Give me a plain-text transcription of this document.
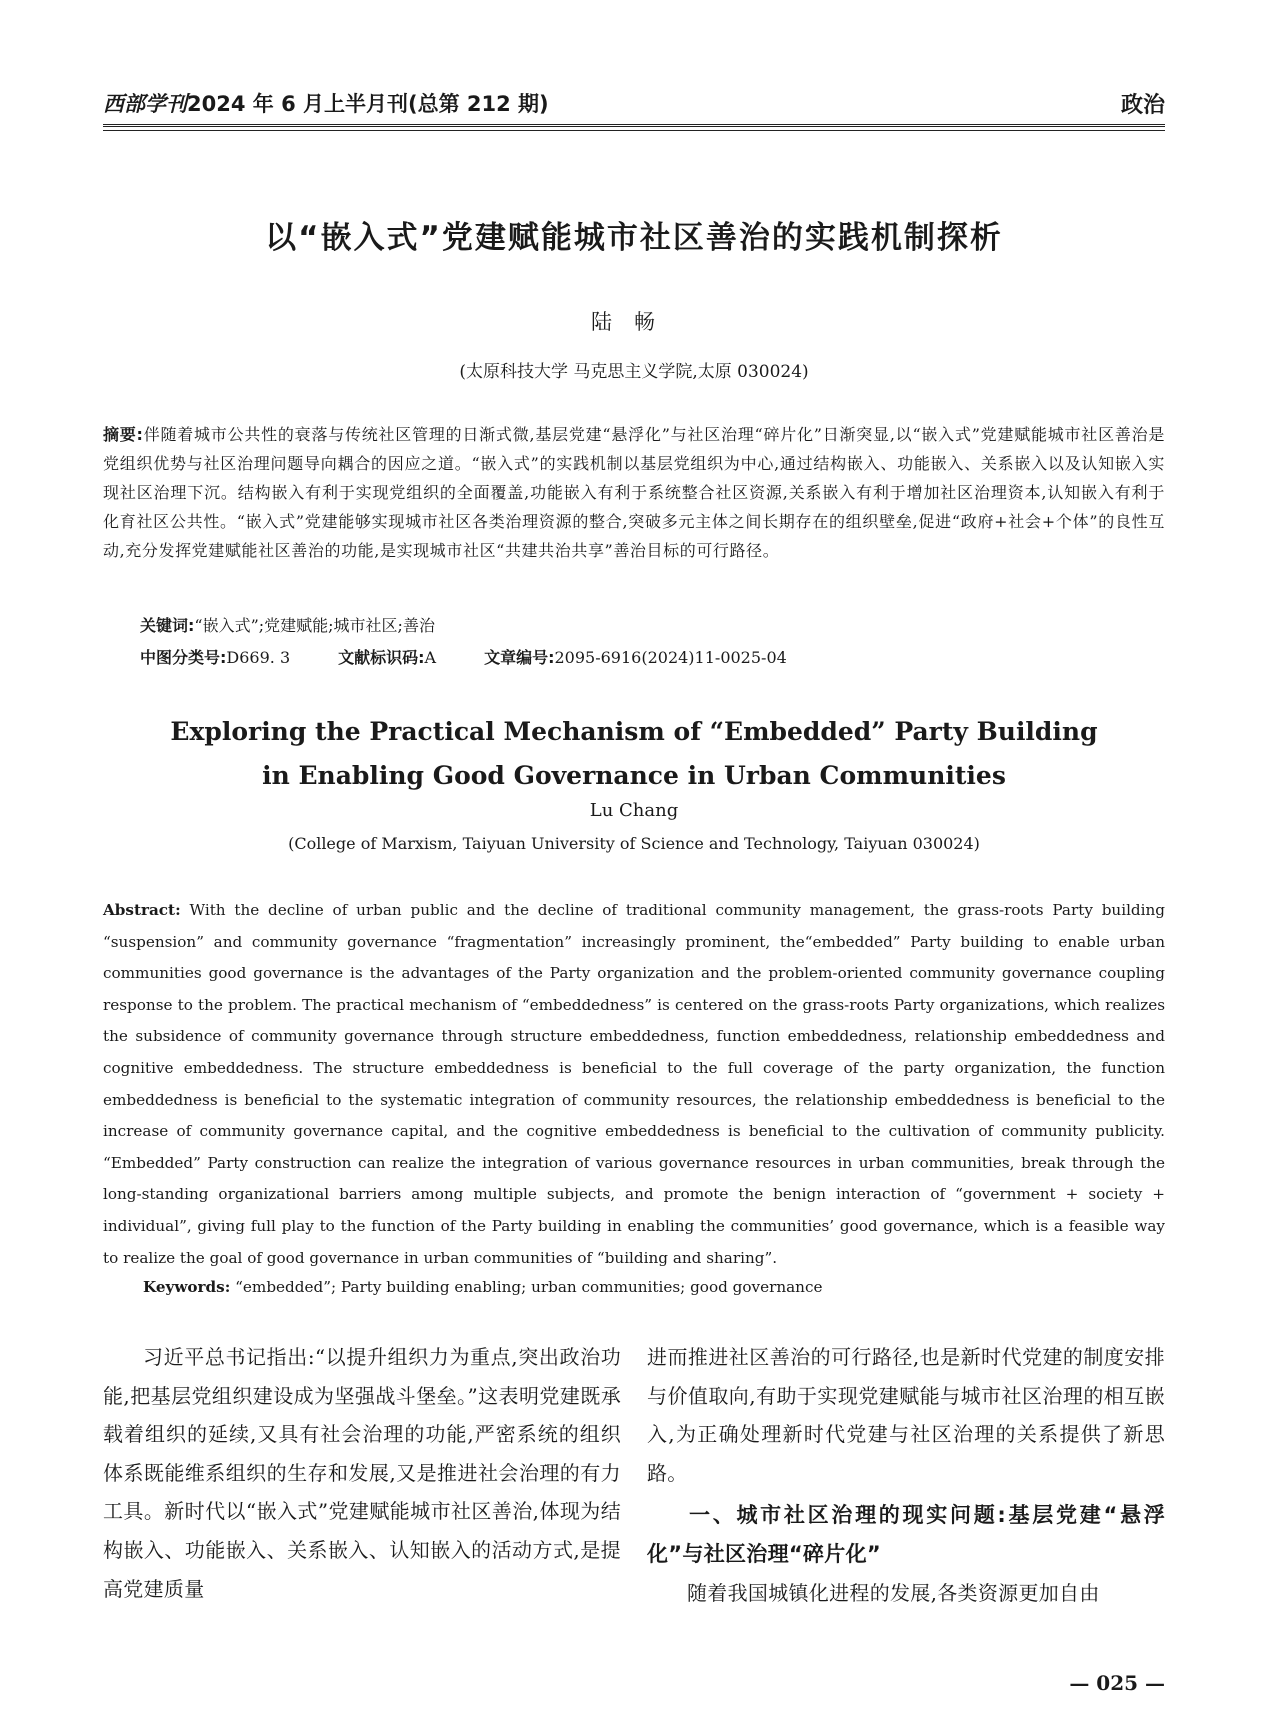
西部学刊2024 年 6 月上半月刊(总第 212 期)	政治
以“嵌入式”党建赋能城市社区善治的实践机制探析
陆畅
(太原科技大学 马克思主义学院,太原 030024)
摘要:伴随着城市公共性的衰落与传统社区管理的日渐式微,基层党建“悬浮化”与社区治理“碎片化”日渐突显,以“嵌入式”党建赋能城市社区善治是党组织优势与社区治理问题导向耦合的因应之道。“嵌入式”的实践机制以基层党组织为中心,通过结构嵌入、功能嵌入、关系嵌入以及认知嵌入实现社区治理下沉。结构嵌入有利于实现党组织的全面覆盖,功能嵌入有利于系统整合社区资源,关系嵌入有利于增加社区治理资本,认知嵌入有利于化育社区公共性。“嵌入式”党建能够实现城市社区各类治理资源的整合,突破多元主体之间长期存在的组织壁垒,促进“政府+社会+个体”的良性互动,充分发挥党建赋能社区善治的功能,是实现城市社区“共建共治共享”善治目标的可行路径。
关键词:“嵌入式”;党建赋能;城市社区;善治
中图分类号:D669. 3	文献标识码:A	文章编号:2095-6916(2024)11-0025-04
Exploring the Practical Mechanism of “Embedded” Party Building
in Enabling Good Governance in Urban Communities
Lu Chang
(College of Marxism, Taiyuan University of Science and Technology, Taiyuan 030024)
Abstract: With the decline of urban public and the decline of traditional community management, the grass-roots Party building “suspension” and community governance “fragmentation” increasingly prominent, the“embedded” Party building to enable urban communities good governance is the advantages of the Party organization and the problem-oriented community governance coupling response to the problem. The practical mechanism of “embeddedness” is centered on the grass-roots Party organizations, which realizes the subsidence of community governance through structure embeddedness, function embeddedness, relationship embeddedness and cognitive embeddedness. The structure embeddedness is beneficial to the full coverage of the party organization, the function embeddedness is beneficial to the systematic integration of community resources, the relationship embeddedness is beneficial to the increase of community governance capital, and the cognitive embeddedness is beneficial to the cultivation of community publicity. “Embedded” Party construction can realize the integration of various governance resources in urban communities, break through the long-standing organizational barriers among multiple subjects, and promote the benign interaction of “government + society + individual”, giving full play to the function of the Party building in enabling the communities’ good governance, which is a feasible way to realize the goal of good governance in urban communities of “building and sharing”.
Keywords: “embedded”; Party building enabling; urban communities; good governance

习近平总书记指出:“以提升组织力为重点,突出政治功能,把基层党组织建设成为坚强战斗堡垒。”这表明党建既承载着组织的延续,又具有社会治理的功能,严密系统的组织体系既能维系组织的生存和发展,又是推进社会治理的有力工具。新时代以“嵌入式”党建赋能城市社区善治,体现为结构嵌入、功能嵌入、关系嵌入、认知嵌入的活动方式,是提高党建质量

进而推进社区善治的可行路径,也是新时代党建的制度安排与价值取向,有助于实现党建赋能与城市社区治理的相互嵌入,为正确处理新时代党建与社区治理的关系提供了新思路。

一、城市社区治理的现实问题:基层党建“悬浮化”与社区治理“碎片化”

随着我国城镇化进程的发展,各类资源更加自由

— 025 —
